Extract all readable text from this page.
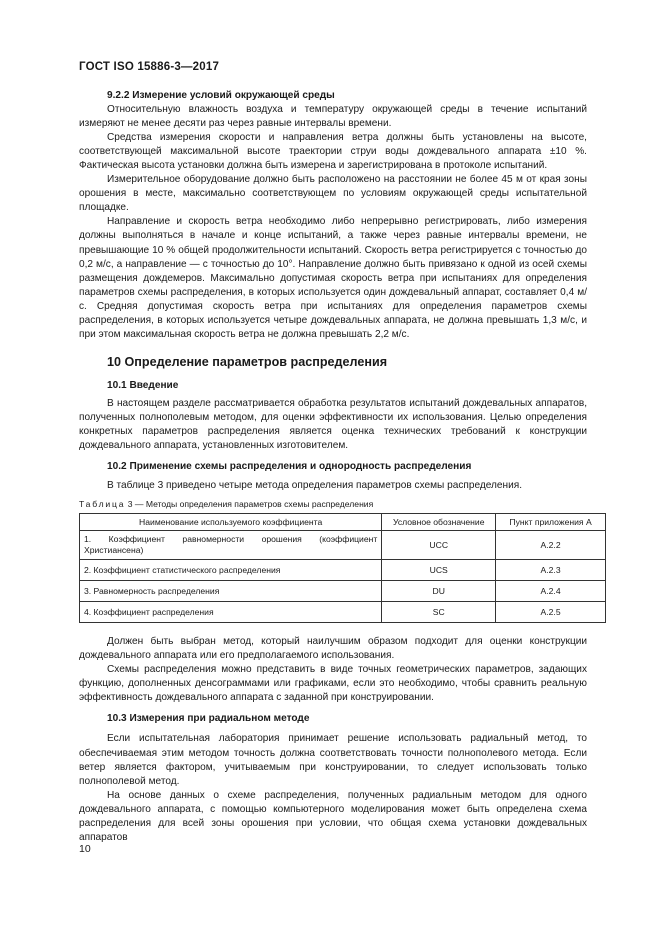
ГОСТ ISO 15886-3—2017
9.2.2 Измерение условий окружающей среды

Относительную влажность воздуха и температуру окружающей среды в течение испытаний измеряют не менее десяти раз через равные интервалы времени.

Средства измерения скорости и направления ветра должны быть установлены на высоте, соответствующей максимальной высоте траектории струи воды дождевального аппарата ±10 %. Фактическая высота установки должна быть измерена и зарегистрирована в протоколе испытаний.

Измерительное оборудование должно быть расположено на расстоянии не более 45 м от края зоны орошения в месте, максимально соответствующем по условиям окружающей среды испытательной площадке.

Направление и скорость ветра необходимо либо непрерывно регистрировать, либо измерения должны выполняться в начале и конце испытаний, а также через равные интервалы времени, не превышающие 10 % общей продолжительности испытаний. Скорость ветра регистрируется с точностью до 0,2 м/с, а направление — с точностью до 10°. Направление должно быть привязано к одной из осей схемы размещения дождемеров. Максимально допустимая скорость ветра при испытаниях для определения параметров схемы распределения, в которых используется один дождевальный аппарат, составляет 0,4 м/с. Средняя допустимая скорость ветра при испытаниях для определения параметров схемы распределения, в которых используется четыре дождевальных аппарата, не должна превышать 1,3 м/с, и при этом максимальная скорость ветра не должна превышать 2,2 м/с.

10 Определение параметров распределения
10.1 Введение

В настоящем разделе рассматривается обработка результатов испытаний дождевальных аппаратов, полученных полнополевым методом, для оценки эффективности их использования. Целью определения конкретных параметров распределения является оценка технических требований к конструкции дождевального аппарата, установленных изготовителем.

10.2 Применение схемы распределения и однородность распределения

В таблице 3 приведено четыре метода определения параметров схемы распределения.

Таблица 3 — Методы определения параметров схемы распределения
Наименование используемого коэффициента	Условное обозначение	Пункт приложения А
1. Коэффициент равномерности орошения (коэффициент Христиансена)	UCC	А.2.2
2. Коэффициент статистического распределения	UCS	А.2.3
3. Равномерность распределения	DU	А.2.4
4. Коэффициент распределения	SC	А.2.5

Должен быть выбран метод, который наилучшим образом подходит для оценки конструкции дождевального аппарата или его предполагаемого использования.

Схемы распределения можно представить в виде точных геометрических параметров, задающих функцию, дополненных денсограммами или графиками, если это необходимо, чтобы сравнить реальную эффективность дождевального аппарата с заданной при конструировании.

10.3 Измерения при радиальном методе

Если испытательная лаборатория принимает решение использовать радиальный метод, то обеспечиваемая этим методом точность должна соответствовать точности полнополевого метода. Если ветер является фактором, учитываемым при конструировании, то следует использовать только полнополевой метод.

На основе данных о схеме распределения, полученных радиальным методом для одного дождевального аппарата, с помощью компьютерного моделирования может быть определена схема распределения для всей зоны орошения при условии, что общая схема установки дождевальных аппаратов

10
